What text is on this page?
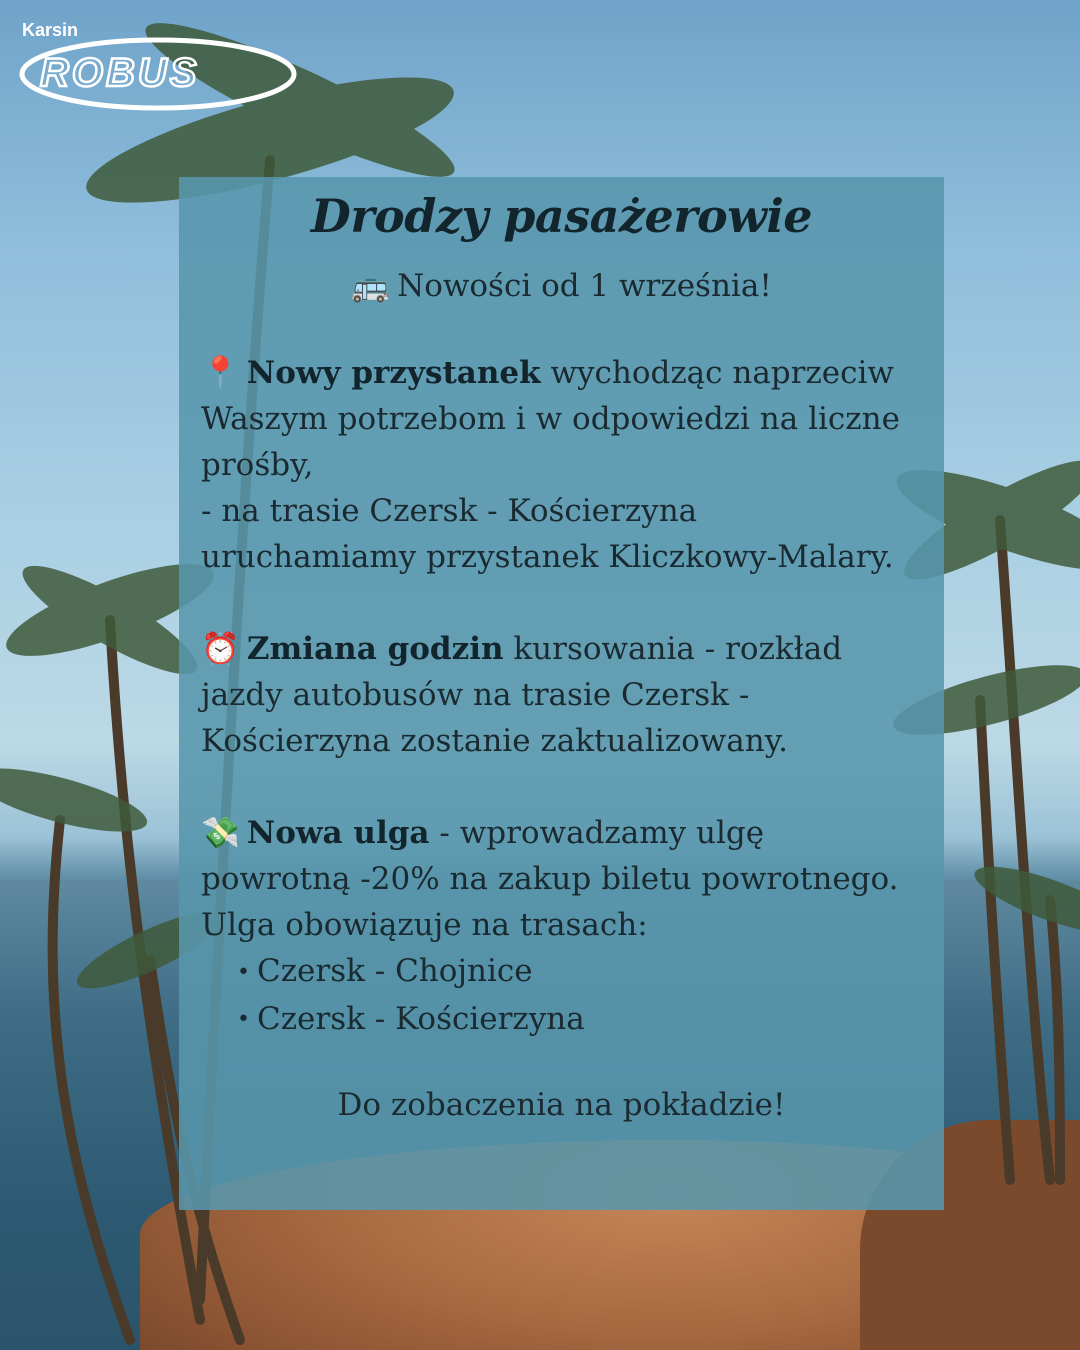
Karsin
ROBUS
Drodzy pasażerowie
🚌 Nowości od 1 września!
📍 Nowy przystanek wychodząc naprzeciw Waszym potrzebom i w odpowiedzi na liczne prośby,
- na trasie Czersk - Kościerzyna uruchamiamy przystanek Kliczkowy-Malary.
⏰ Zmiana godzin kursowania - rozkład jazdy autobusów na trasie Czersk - Kościerzyna zostanie zaktualizowany.
💸 Nowa ulga - wprowadzamy ulgę powrotną -20% na zakup biletu powrotnego. Ulga obowiązuje na trasach:
• Czersk - Chojnice
• Czersk - Kościerzyna
Do zobaczenia na pokładzie!
